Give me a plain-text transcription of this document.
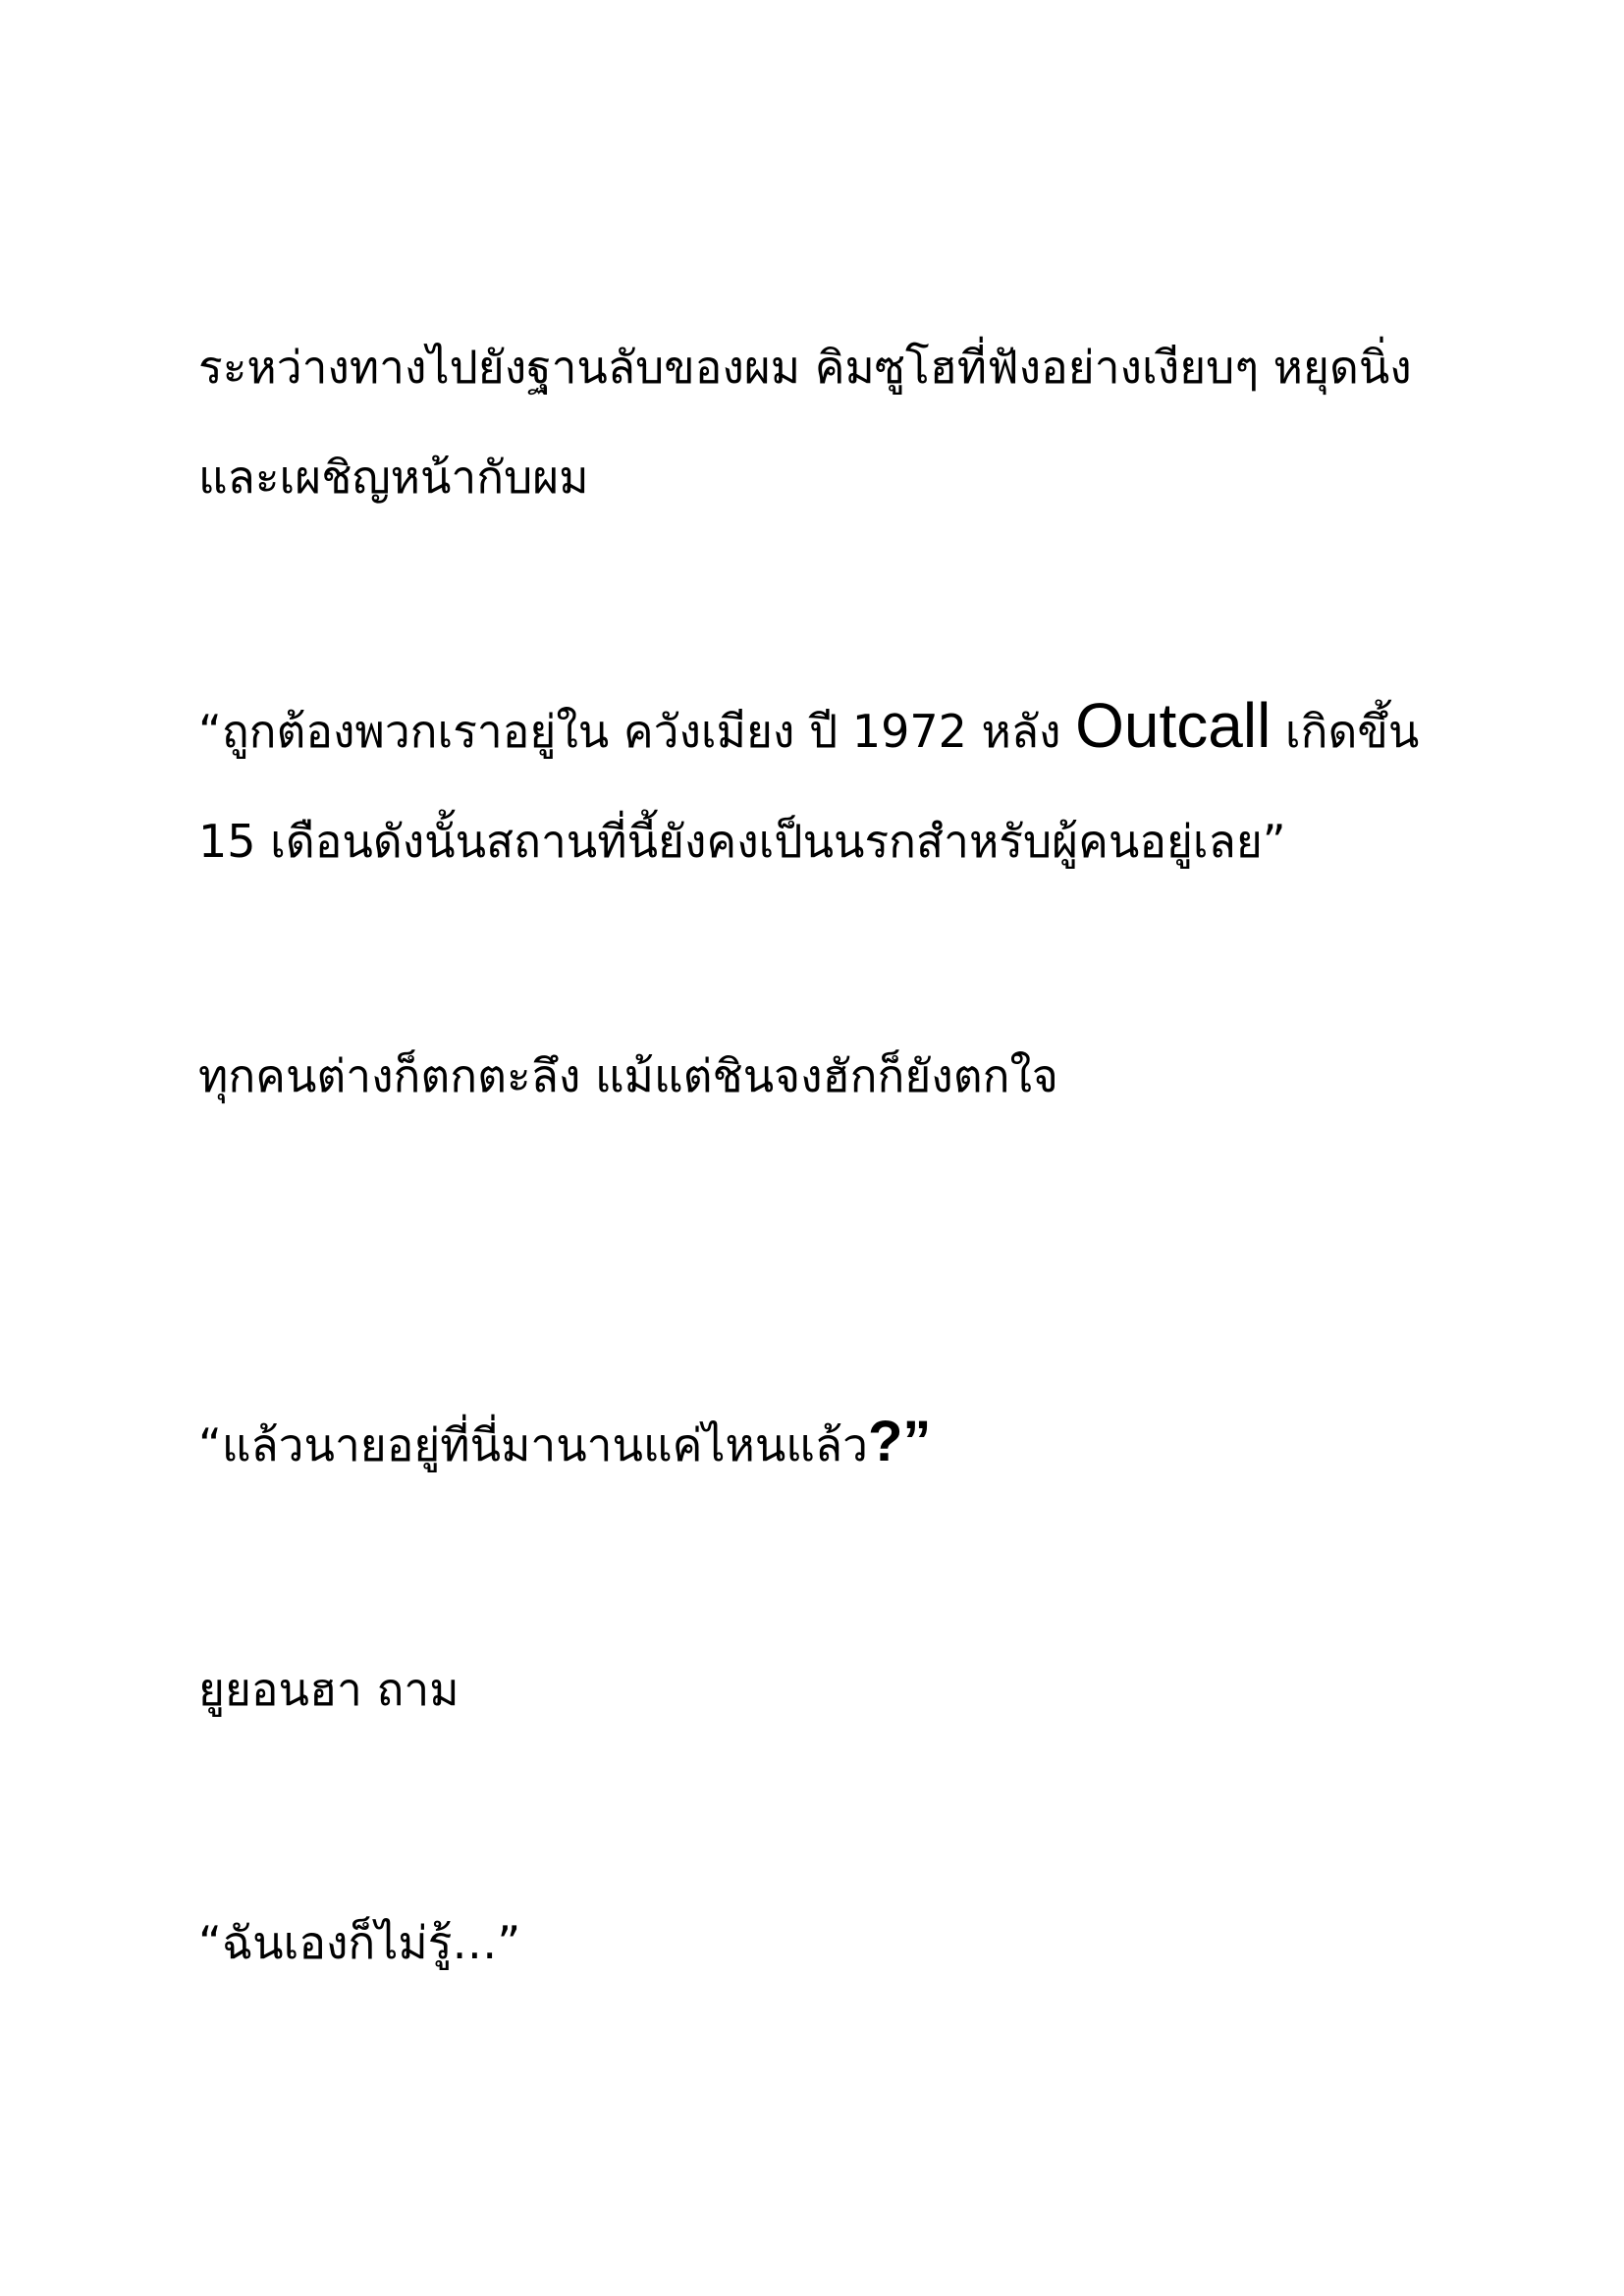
ระหว่างทางไปยังฐานลับของผม คิมซูโฮที่ฟังอย่างเงียบๆ หยุดนิ่ง
และเผชิญหน้ากับผม

“ถูกต้องพวกเราอยู่ใน ควังเมียง ปี 1972 หลัง Outcall เกิดขึ้น
15 เดือนดังนั้นสถานที่นี้ยังคงเป็นนรกสำหรับผู้คนอยู่เลย”

ทุกคนต่างก็ตกตะลึง แม้แต่ชินจงฮักก็ยังตกใจ

“แล้วนายอยู่ที่นี่มานานแค่ไหนแล้ว?”

ยูยอนฮา ถาม

“ฉันเองก็ไม่รู้…”
